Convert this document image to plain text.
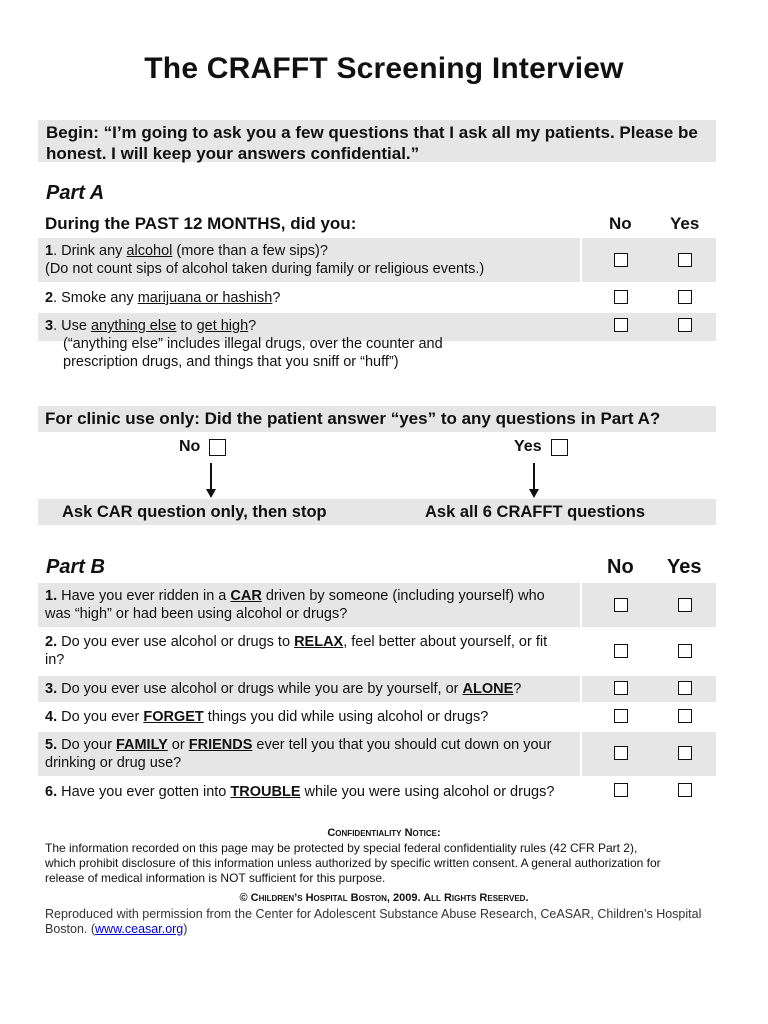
The CRAFFT Screening Interview
Begin: “I’m going to ask you a few questions that I ask all my patients. Please be honest. I will keep your answers confidential.”
Part A
During the PAST 12 MONTHS, did you:	No Yes
1. Drink any alcohol (more than a few sips)?
(Do not count sips of alcohol taken during family or religious events.)
2. Smoke any marijuana or hashish?
3. Use anything else to get high?
(“anything else” includes illegal drugs, over the counter and
prescription drugs, and things that you sniff or “huff”)
For clinic use only: Did the patient answer “yes” to any questions in Part A?
No	Yes
Ask CAR question only, then stop	Ask all 6 CRAFFT questions
Part B	No Yes
1. Have you ever ridden in a CAR driven by someone (including yourself) who
was “high” or had been using alcohol or drugs?
2. Do you ever use alcohol or drugs to RELAX, feel better about yourself, or fit
in?
3. Do you ever use alcohol or drugs while you are by yourself, or ALONE?
4. Do you ever FORGET things you did while using alcohol or drugs?
5. Do your FAMILY or FRIENDS ever tell you that you should cut down on your
drinking or drug use?
6. Have you ever gotten into TROUBLE while you were using alcohol or drugs?
Confidentiality Notice:
The information recorded on this page may be protected by special federal confidentiality rules (42 CFR Part 2), which prohibit disclosure of this information unless authorized by specific written consent. A general authorization for release of medical information is NOT sufficient for this purpose.
© Children’s Hospital Boston, 2009. All Rights Reserved.
Reproduced with permission from the Center for Adolescent Substance Abuse Research, CeASAR, Children’s Hospital Boston. (www.ceasar.org)
